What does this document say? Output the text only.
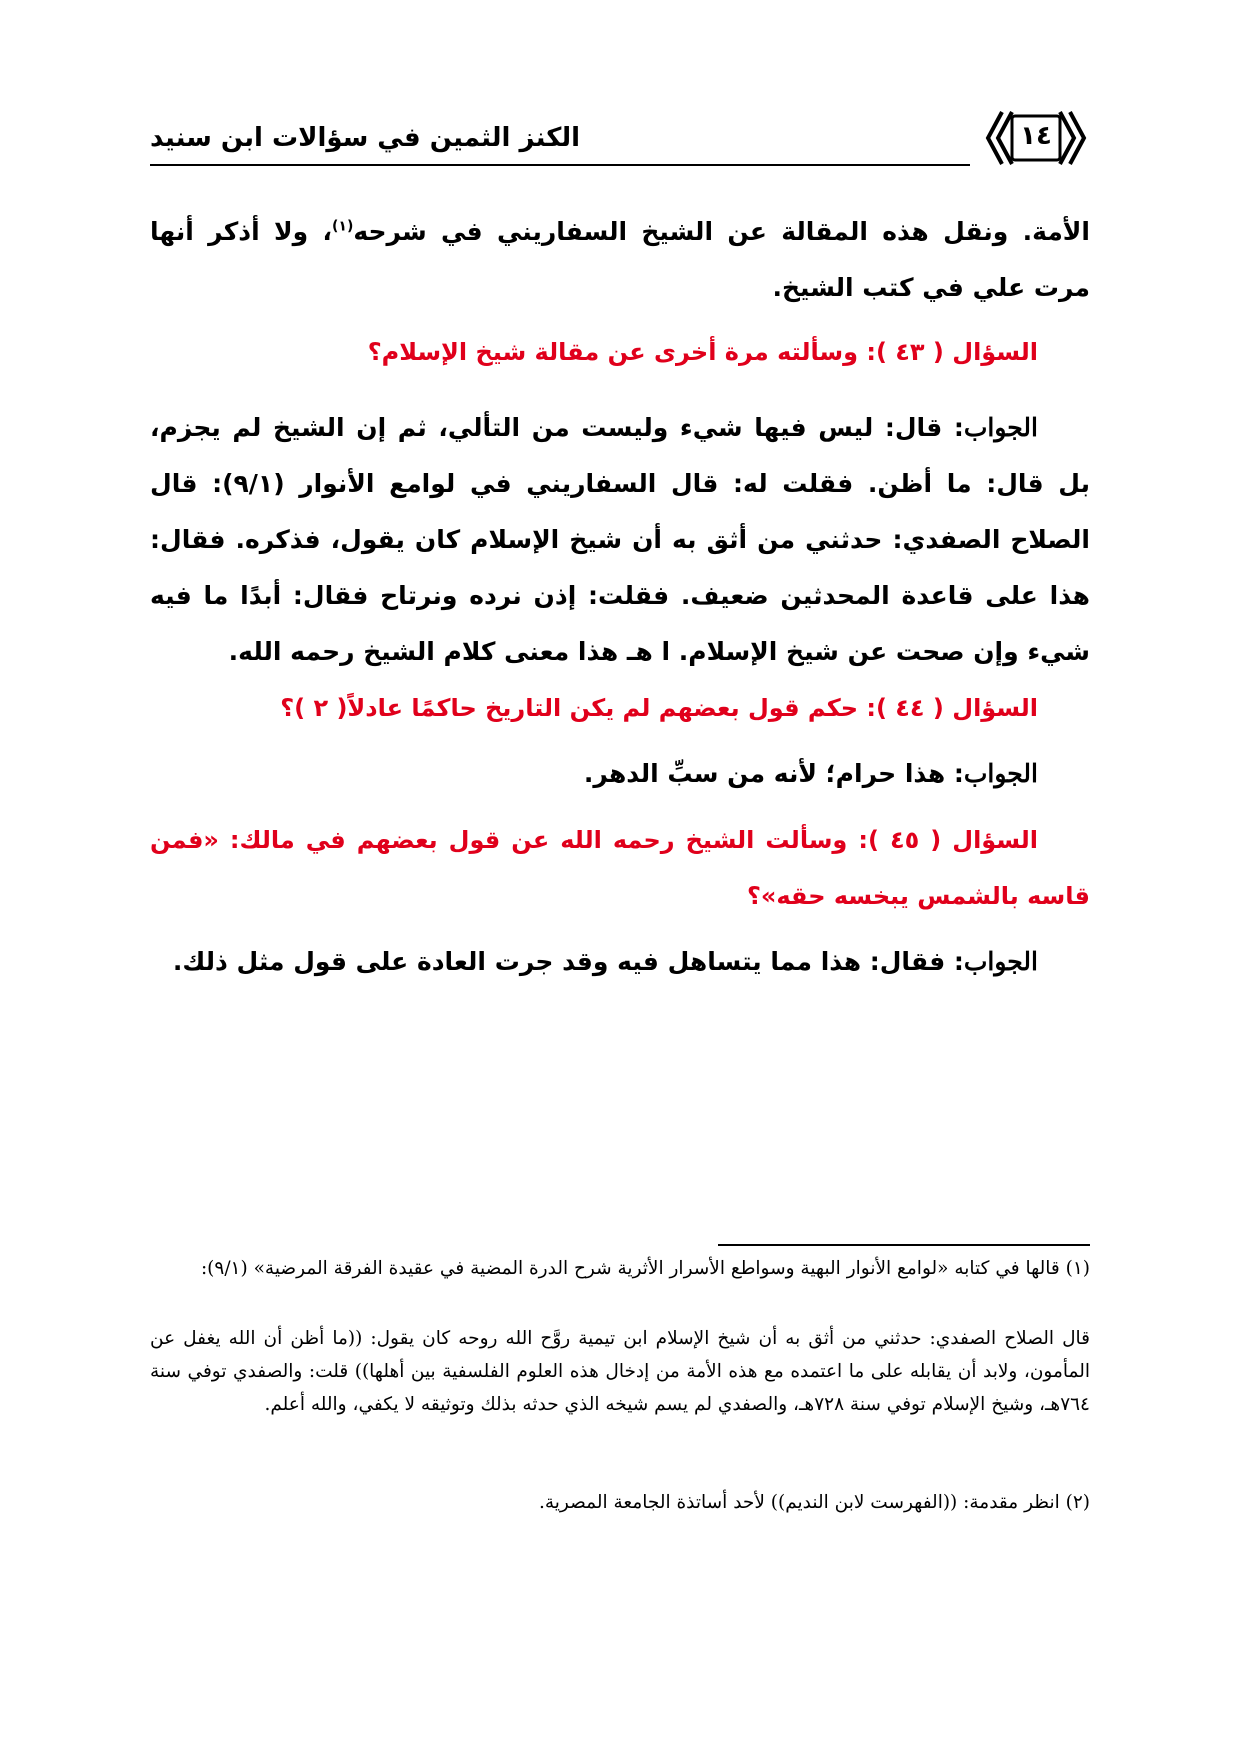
١٤
الكنز الثمين في سؤالات ابن سنيد
الأمة. ونقل هذه المقالة عن الشيخ السفاريني في شرحه$^{(١)}$، ولا أذكر أنها مرت علي في كتب الشيخ.
السؤال ( ٤٣ ): وسألته مرة أخرى عن مقالة شيخ الإسلام؟
الجواب: قال: ليس فيها شيء وليست من التألي، ثم إن الشيخ لم يجزم، بل قال: ما أظن. فقلت له: قال السفاريني في لوامع الأنوار (٩/١): قال الصلاح الصفدي: حدثني من أثق به أن شيخ الإسلام كان يقول، فذكره. فقال: هذا على قاعدة المحدثين ضعيف. فقلت: إذن نرده ونرتاح فقال: أبدًا ما فيه شيء وإن صحت عن شيخ الإسلام. ا هـ هذا معنى كلام الشيخ رحمه الله.
السؤال ( ٤٤ ): حكم قول بعضهم لم يكن التاريخ حاكمًا عادلاً( ٢ )؟
الجواب: هذا حرام؛ لأنه من سبِّ الدهر.
السؤال ( ٤٥ ): وسألت الشيخ رحمه الله عن قول بعضهم في مالك: «فمن قاسه بالشمس يبخسه حقه»؟
الجواب: فقال: هذا مما يتساهل فيه وقد جرت العادة على قول مثل ذلك.
(١) قالها في كتابه «لوامع الأنوار البهية وسواطع الأسرار الأثرية شرح الدرة المضية في عقيدة الفرقة المرضية» (٩/١):
قال الصلاح الصفدي: حدثني من أثق به أن شيخ الإسلام ابن تيمية روَّح الله روحه كان يقول: ((ما أظن أن الله يغفل عن المأمون، ولابد أن يقابله على ما اعتمده مع هذه الأمة من إدخال هذه العلوم الفلسفية بين أهلها)) قلت: والصفدي توفي سنة ٧٦٤هـ، وشيخ الإسلام توفي سنة ٧٢٨هـ، والصفدي لم يسم شيخه الذي حدثه بذلك وتوثيقه لا يكفي، والله أعلم.
(٢) انظر مقدمة: ((الفهرست لابن النديم)) لأحد أساتذة الجامعة المصرية.
